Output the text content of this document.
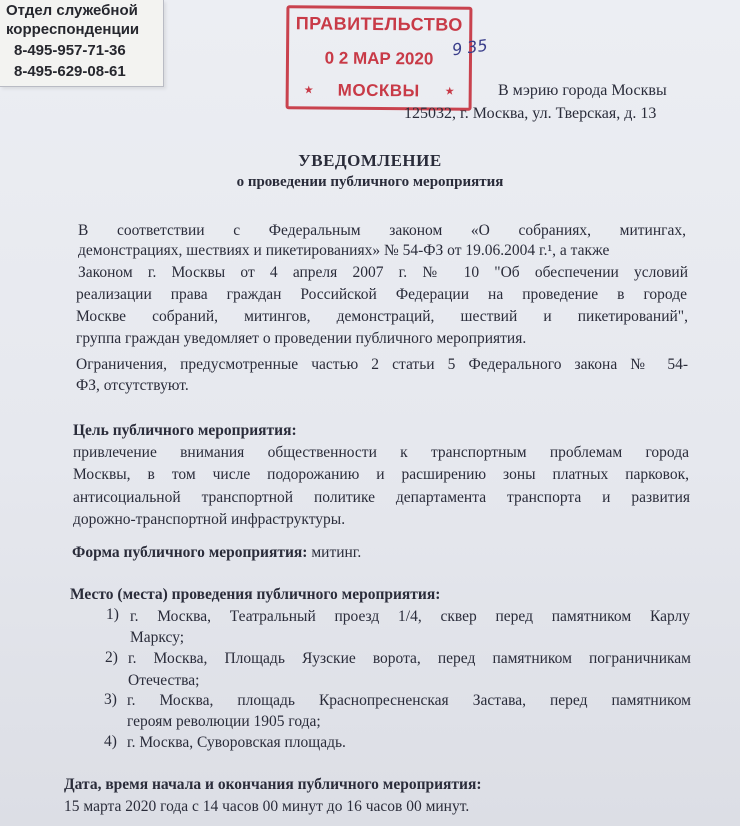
Отдел служебной
корреспонденции
8-495-957-71-36
8-495-629-08-61
ПРАВИТЕЛЬСТВО
0 2 МАР 2020
★	МОСКВЫ	★
9 35
В мэрию города Москвы
125032, г. Москва, ул. Тверская, д. 13
УВЕДОМЛЕНИЕ
о проведении публичного мероприятия
В соответствии с Федеральным законом «О собраниях, митингах,
демонстрациях, шествиях и пикетированиях» № 54-ФЗ от 19.06.2004 г.¹, а также
Законом г. Москвы от 4 апреля 2007 г. № 10 "Об обеспечении условий
реализации права граждан Российской Федерации на проведение в городе
Москве собраний, митингов, демонстраций, шествий и пикетирований",
группа граждан уведомляет о проведении публичного мероприятия.
Ограничения, предусмотренные частью 2 статьи 5 Федерального закона № 54-
ФЗ, отсутствуют.
Цель публичного мероприятия:
привлечение внимания общественности к транспортным проблемам города
Москвы, в том числе подорожанию и расширению зоны платных парковок,
антисоциальной транспортной политике департамента транспорта и развития
дорожно-транспортной инфраструктуры.
Форма публичного мероприятия: митинг.
Место (места) проведения публичного мероприятия:
1) г. Москва, Театральный проезд 1/4, сквер перед памятником Карлу
Марксу;
2) г. Москва, Площадь Яузские ворота, перед памятником пограничникам
Отечества;
3) г. Москва, площадь Краснопресненская Застава, перед памятником
героям революции 1905 года;
4) г. Москва, Суворовская площадь.
Дата, время начала и окончания публичного мероприятия:
15 марта 2020 года с 14 часов 00 минут до 16 часов 00 минут.
